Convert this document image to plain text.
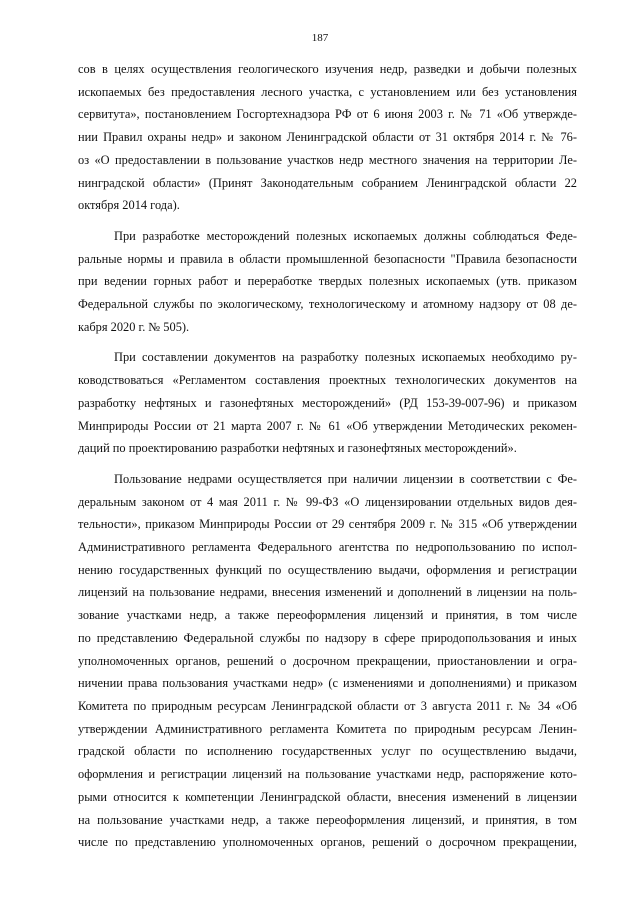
187

сов в целях осуществления геологического изучения недр, разведки и добычи полезных
ископаемых без предоставления лесного участка, с установлением или без установления
сервитута», постановлением Госгортехнадзора РФ от 6 июня 2003 г. № 71 «Об утвержде-
нии Правил охраны недр» и законом Ленинградской области от 31 октября 2014 г. № 76-
оз «О предоставлении в пользование участков недр местного значения на территории Ле-
нинградской области» (Принят Законодательным собранием Ленинградской области 22
октября 2014 года).

При разработке месторождений полезных ископаемых должны соблюдаться Феде-
ральные нормы и правила в области промышленной безопасности "Правила безопасности
при ведении горных работ и переработке твердых полезных ископаемых (утв. приказом
Федеральной службы по экологическому, технологическому и атомному надзору от 08 де-
кабря 2020 г. № 505).

При составлении документов на разработку полезных ископаемых необходимо ру-
ководствоваться «Регламентом составления проектных технологических документов на
разработку нефтяных и газонефтяных месторождений» (РД 153-39-007-96) и приказом
Минприроды России от 21 марта 2007 г. № 61 «Об утверждении Методических рекомен-
даций по проектированию разработки нефтяных и газонефтяных месторождений».

Пользование недрами осуществляется при наличии лицензии в соответствии с Фе-
деральным законом от 4 мая 2011 г. № 99-ФЗ «О лицензировании отдельных видов дея-
тельности», приказом Минприроды России от 29 сентября 2009 г. № 315 «Об утверждении
Административного регламента Федерального агентства по недропользованию по испол-
нению государственных функций по осуществлению выдачи, оформления и регистрации
лицензий на пользование недрами, внесения изменений и дополнений в лицензии на поль-
зование участками недр, а также переоформления лицензий и принятия, в том числе
по представлению Федеральной службы по надзору в сфере природопользования и иных
уполномоченных органов, решений о досрочном прекращении, приостановлении и огра-
ничении права пользования участками недр» (с изменениями и дополнениями) и приказом
Комитета по природным ресурсам Ленинградской области от 3 августа 2011 г. № 34 «Об
утверждении Административного регламента Комитета по природным ресурсам Ленин-
градской области по исполнению государственных услуг по осуществлению выдачи,
оформления и регистрации лицензий на пользование участками недр, распоряжение кото-
рыми относится к компетенции Ленинградской области, внесения изменений в лицензии
на пользование участками недр, а также переоформления лицензий, и принятия, в том
числе по представлению уполномоченных органов, решений о досрочном прекращении,
